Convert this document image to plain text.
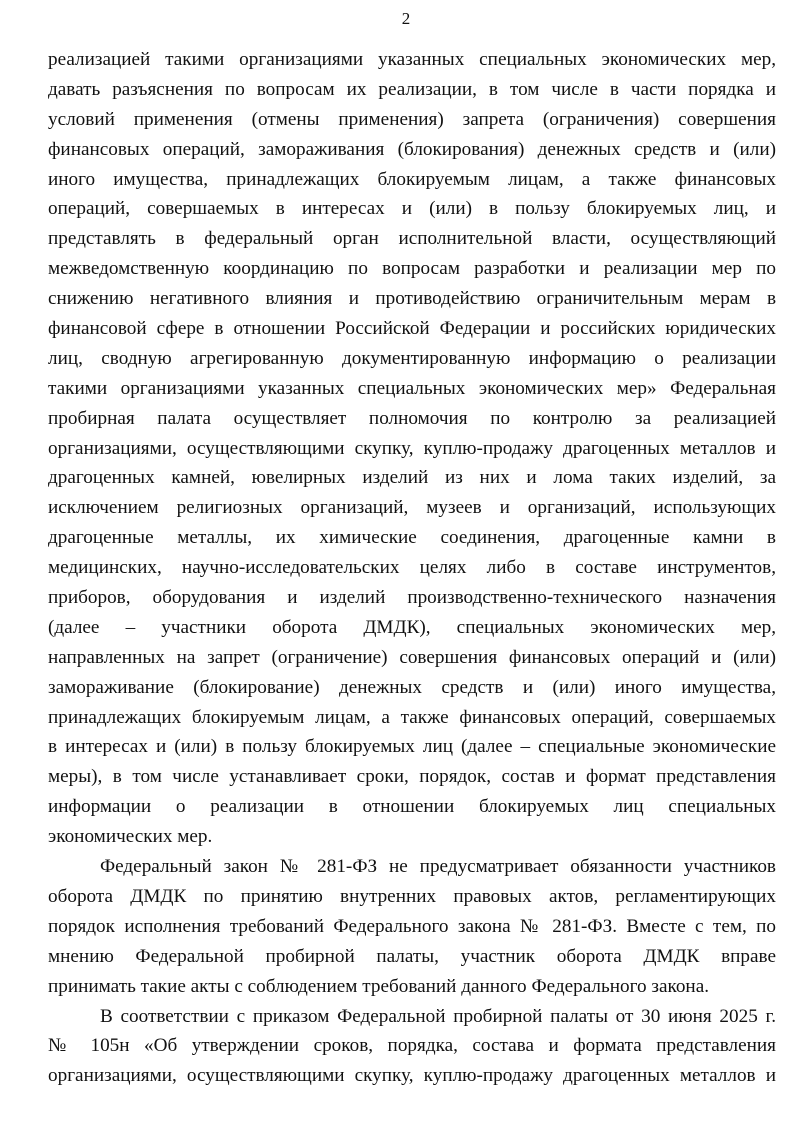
2
реализацией такими организациями указанных специальных экономических мер,
давать разъяснения по вопросам их реализации, в том числе в части порядка и
условий применения (отмены применения) запрета (ограничения) совершения
финансовых операций, замораживания (блокирования) денежных средств и (или)
иного имущества, принадлежащих блокируемым лицам, а также финансовых
операций, совершаемых в интересах и (или) в пользу блокируемых лиц, и
представлять в федеральный орган исполнительной власти, осуществляющий
межведомственную координацию по вопросам разработки и реализации мер по
снижению негативного влияния и противодействию ограничительным мерам в
финансовой сфере в отношении Российской Федерации и российских юридических
лиц, сводную агрегированную документированную информацию о реализации
такими организациями указанных специальных экономических мер» Федеральная
пробирная палата осуществляет полномочия по контролю за реализацией
организациями, осуществляющими скупку, куплю-продажу драгоценных металлов и
драгоценных камней, ювелирных изделий из них и лома таких изделий, за
исключением религиозных организаций, музеев и организаций, использующих
драгоценные металлы, их химические соединения, драгоценные камни в
медицинских, научно-исследовательских целях либо в составе инструментов,
приборов, оборудования и изделий производственно-технического назначения
(далее – участники оборота ДМДК), специальных экономических мер,
направленных на запрет (ограничение) совершения финансовых операций и (или)
замораживание (блокирование) денежных средств и (или) иного имущества,
принадлежащих блокируемым лицам, а также финансовых операций, совершаемых
в интересах и (или) в пользу блокируемых лиц (далее – специальные экономические
меры), в том числе устанавливает сроки, порядок, состав и формат представления
информации о реализации в отношении блокируемых лиц специальных
экономических мер.
Федеральный закон № 281-ФЗ не предусматривает обязанности участников
оборота ДМДК по принятию внутренних правовых актов, регламентирующих
порядок исполнения требований Федерального закона № 281-ФЗ. Вместе с тем, по
мнению Федеральной пробирной палаты, участник оборота ДМДК вправе
принимать такие акты с соблюдением требований данного Федерального закона.
В соответствии с приказом Федеральной пробирной палаты от 30 июня 2025 г.
№ 105н «Об утверждении сроков, порядка, состава и формата представления
организациями, осуществляющими скупку, куплю-продажу драгоценных металлов и
